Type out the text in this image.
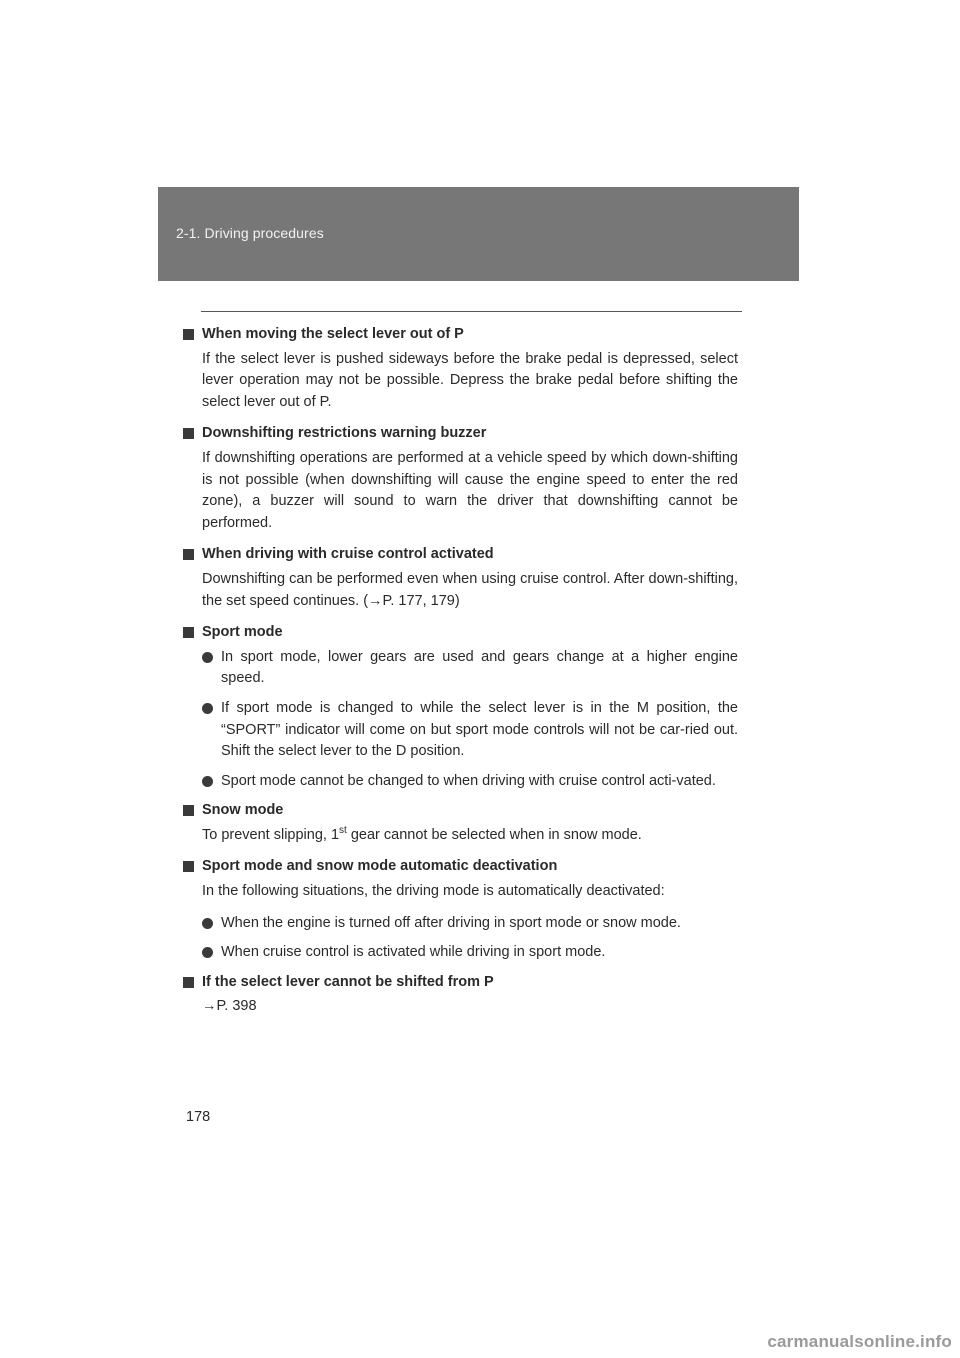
2-1. Driving procedures
When moving the select lever out of P
If the select lever is pushed sideways before the brake pedal is depressed, select lever operation may not be possible. Depress the brake pedal before shifting the select lever out of P.
Downshifting restrictions warning buzzer
If downshifting operations are performed at a vehicle speed by which down-shifting is not possible (when downshifting will cause the engine speed to enter the red zone), a buzzer will sound to warn the driver that downshifting cannot be performed.
When driving with cruise control activated
Downshifting can be performed even when using cruise control. After down-shifting, the set speed continues. (→P. 177, 179)
Sport mode
In sport mode, lower gears are used and gears change at a higher engine speed.
If sport mode is changed to while the select lever is in the M position, the “SPORT” indicator will come on but sport mode controls will not be car-ried out. Shift the select lever to the D position.
Sport mode cannot be changed to when driving with cruise control acti-vated.
Snow mode
To prevent slipping, 1st gear cannot be selected when in snow mode.
Sport mode and snow mode automatic deactivation
In the following situations, the driving mode is automatically deactivated:
When the engine is turned off after driving in sport mode or snow mode.
When cruise control is activated while driving in sport mode.
If the select lever cannot be shifted from P
→P. 398
178
carmanualsonline.info
